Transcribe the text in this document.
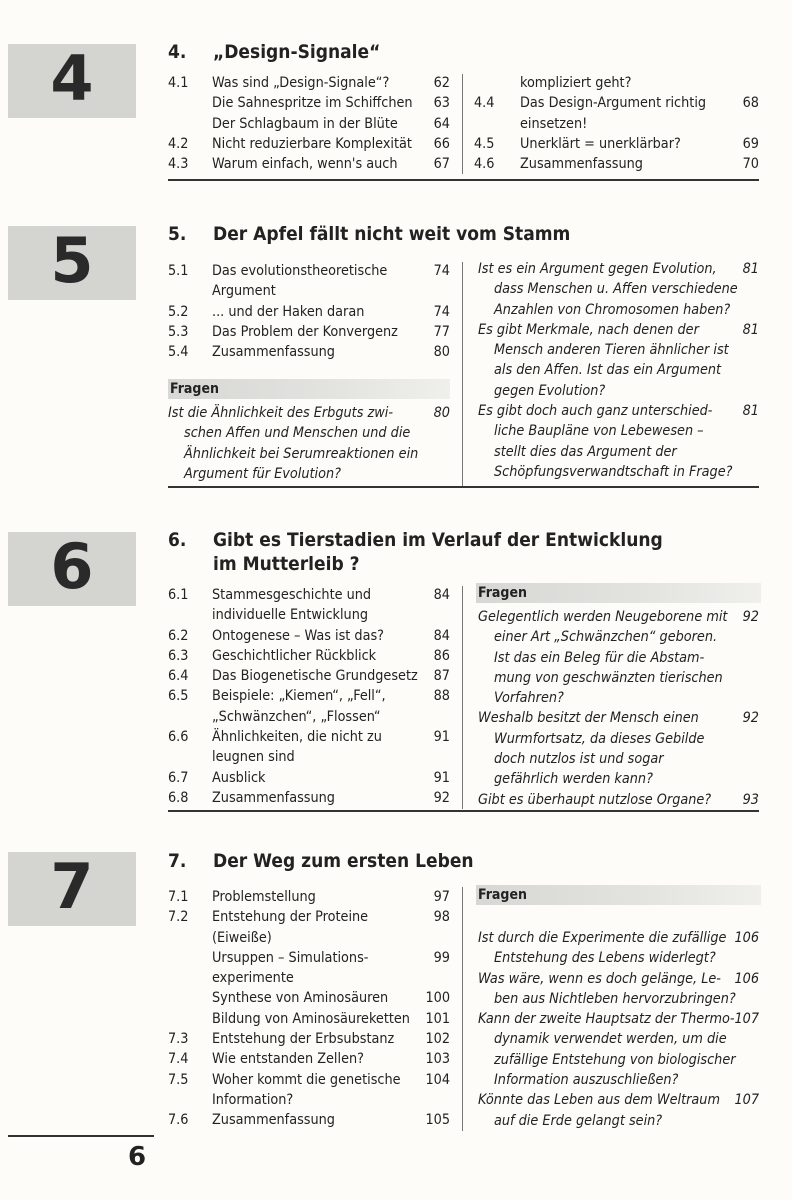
4
5
6
7
4. „Design-Signale“
4.1 Was sind „Design-Signale“?	62
Die Sahnespritze im Schiffchen 63
Der Schlagbaum in der Blüte	64
4.2 Nicht reduzierbare Komplexität 66
4.3 Warum einfach, wenn's auch	67
kompliziert geht?
4.4 Das Design-Argument richtig	68
einsetzen!
4.5 Unerklärt = unerklärbar?	69
4.6 Zusammenfassung	70
5. Der Apfel fällt nicht weit vom Stamm
5.1 Das evolutionstheoretische	74
Argument
5.2 ... und der Haken daran	74
5.3 Das Problem der Konvergenz 77
5.4 Zusammenfassung	80
Fragen
Ist die Ähnlichkeit des Erbguts zwi-	80
schen Affen und Menschen und die
Ähnlichkeit bei Serumreaktionen ein
Argument für Evolution?
Ist es ein Argument gegen Evolution, 81
dass Menschen u. Affen verschiedene
Anzahlen von Chromosomen haben?
Es gibt Merkmale, nach denen der	81
Mensch anderen Tieren ähnlicher ist
als den Affen. Ist das ein Argument
gegen Evolution?
Es gibt doch auch ganz unterschied- 81
liche Baupläne von Lebewesen –
stellt dies das Argument der
Schöpfungsverwandtschaft in Frage?
6. Gibt es Tierstadien im Verlauf der Entwicklung
im Mutterleib ?
6.1 Stammesgeschichte und	84
individuelle Entwicklung
6.2 Ontogenese – Was ist das?	84
6.3 Geschichtlicher Rückblick	86
6.4 Das Biogenetische Grundgesetz 87
6.5 Beispiele: „Kiemen“, „Fell“,	88
„Schwänzchen“, „Flossen“
6.6 Ähnlichkeiten, die nicht zu	91
leugnen sind
6.7 Ausblick	91
6.8 Zusammenfassung	92
Fragen
Gelegentlich werden Neugeborene mit 92
einer Art „Schwänzchen“ geboren.
Ist das ein Beleg für die Abstam-
mung von geschwänzten tierischen
Vorfahren?
Weshalb besitzt der Mensch einen	92
Wurmfortsatz, da dieses Gebilde
doch nutzlos ist und sogar
gefährlich werden kann?
Gibt es überhaupt nutzlose Organe? 93
7. Der Weg zum ersten Leben
7.1 Problemstellung	97
7.2 Entstehung der Proteine	98
(Eiweiße)
Ursuppen – Simulations-	99
experimente
Synthese von Aminosäuren	100
Bildung von Aminosäureketten 101
7.3 Entstehung der Erbsubstanz 102
7.4 Wie entstanden Zellen?	103
7.5 Woher kommt die genetische 104
Information?
7.6 Zusammenfassung	105
Fragen
Ist durch die Experimente die zufällige 106
Entstehung des Lebens widerlegt?
Was wäre, wenn es doch gelänge, Le- 106
ben aus Nichtleben hervorzubringen?
Kann der zweite Hauptsatz der Thermo- 107
dynamik verwendet werden, um die
zufällige Entstehung von biologischer
Information auszuschließen?
Könnte das Leben aus dem Weltraum 107
auf die Erde gelangt sein?
6
